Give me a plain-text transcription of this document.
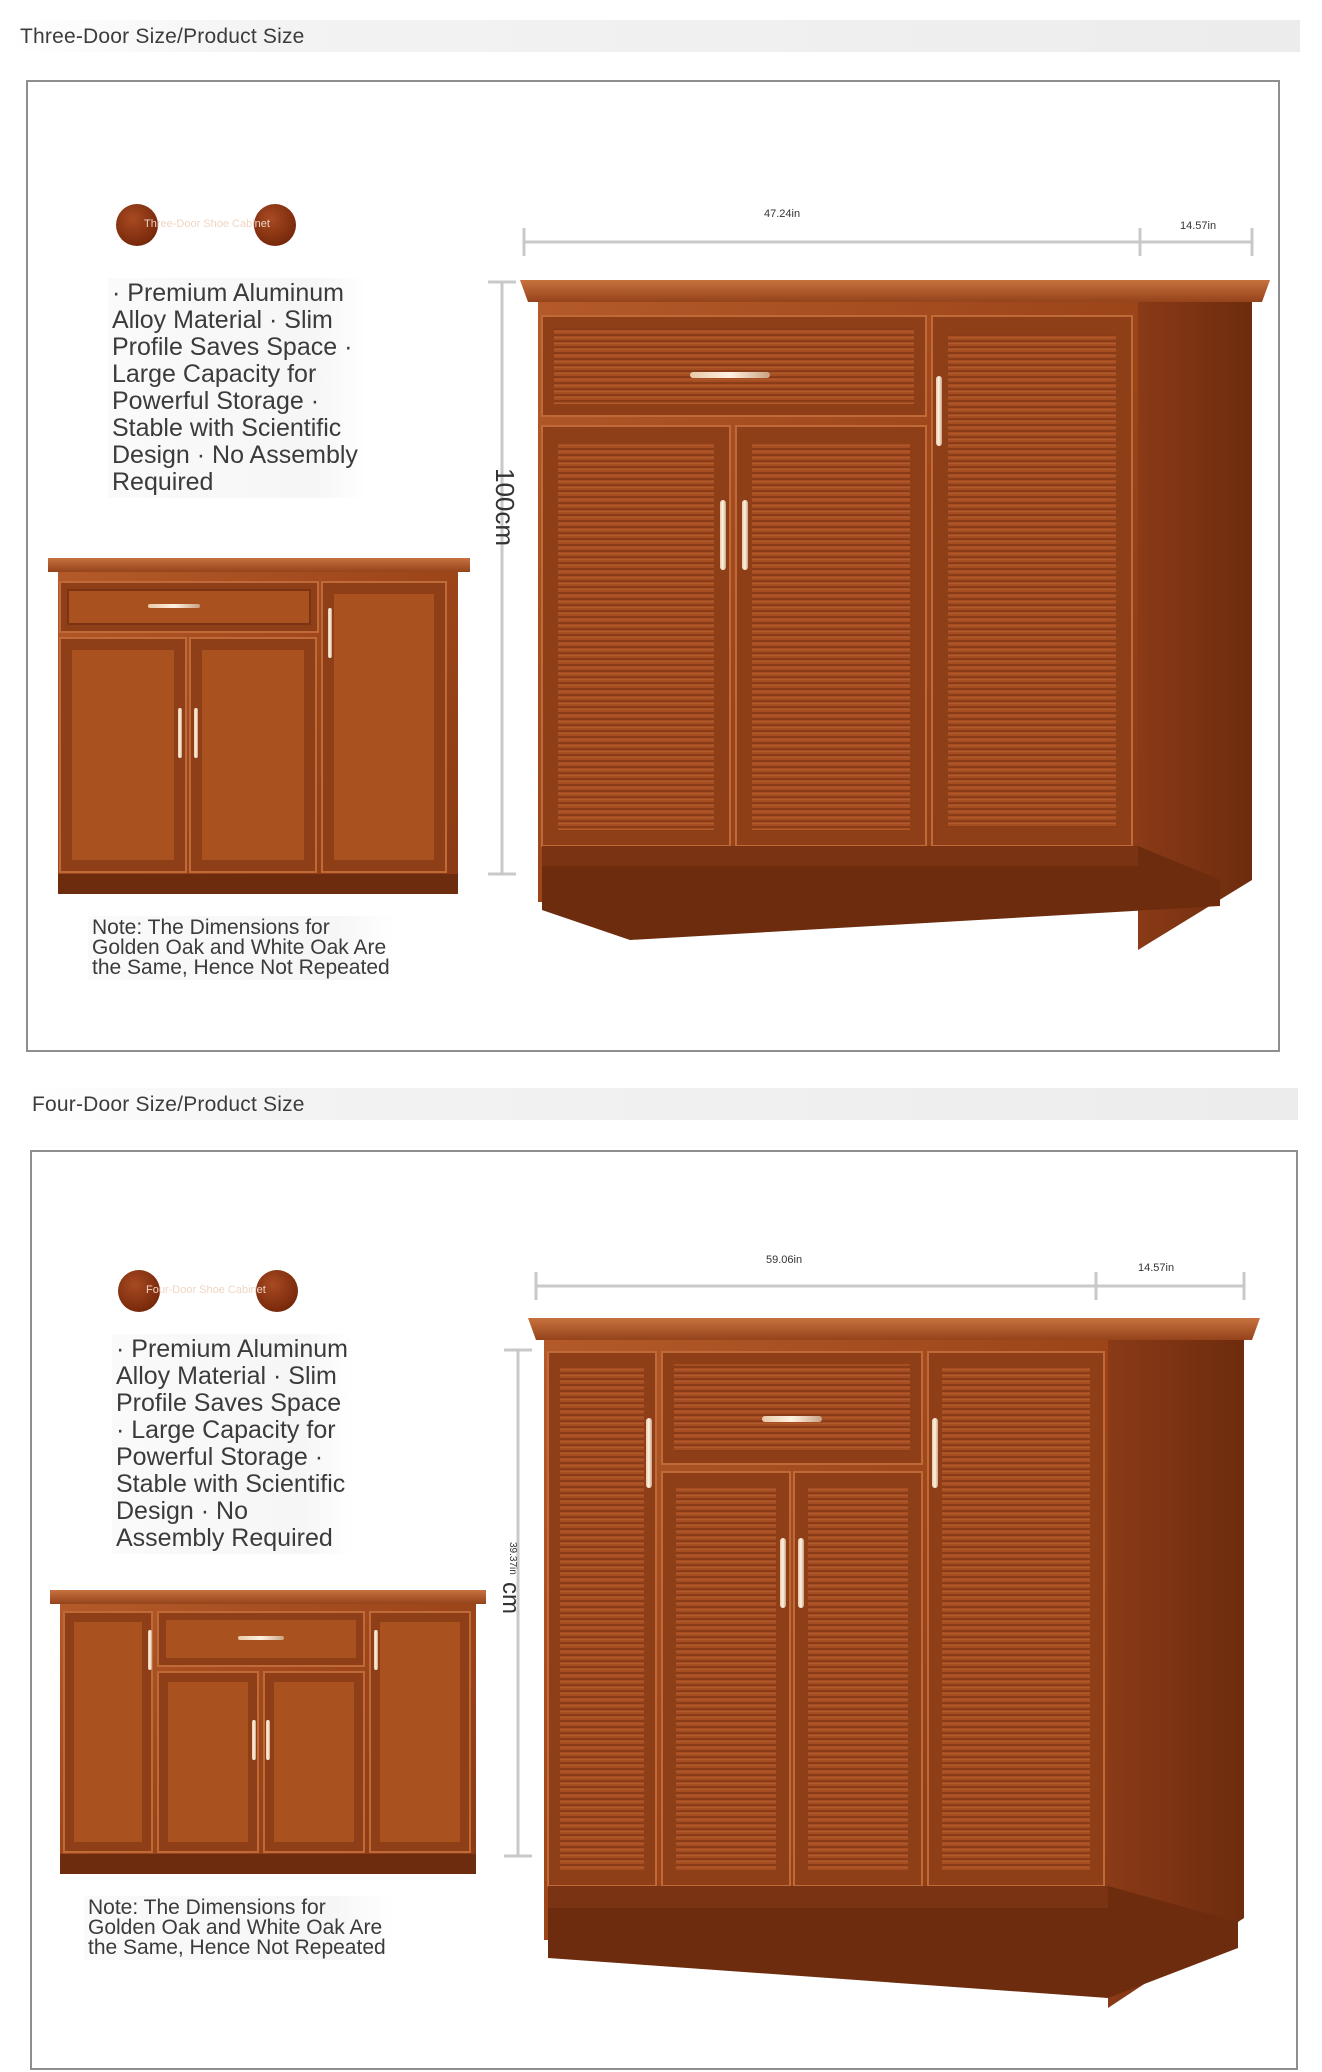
Three-Door Size/Product Size
Three-Door Shoe Cabinet
· Premium Aluminum Alloy Material · Slim Profile Saves Space · Large Capacity for Powerful Storage · Stable with Scientific Design · No Assembly Required
Note: The Dimensions for Golden Oak and White Oak Are the Same, Hence Not Repeated
47.24in
14.57in
100cm
Four-Door Size/Product Size
Four-Door Shoe Cabinet
· Premium Aluminum Alloy Material · Slim Profile Saves Space · Large Capacity for Powerful Storage · Stable with Scientific Design · No Assembly Required
Note: The Dimensions for Golden Oak and White Oak Are the Same, Hence Not Repeated
59.06in
14.57in
39.37in
cm
